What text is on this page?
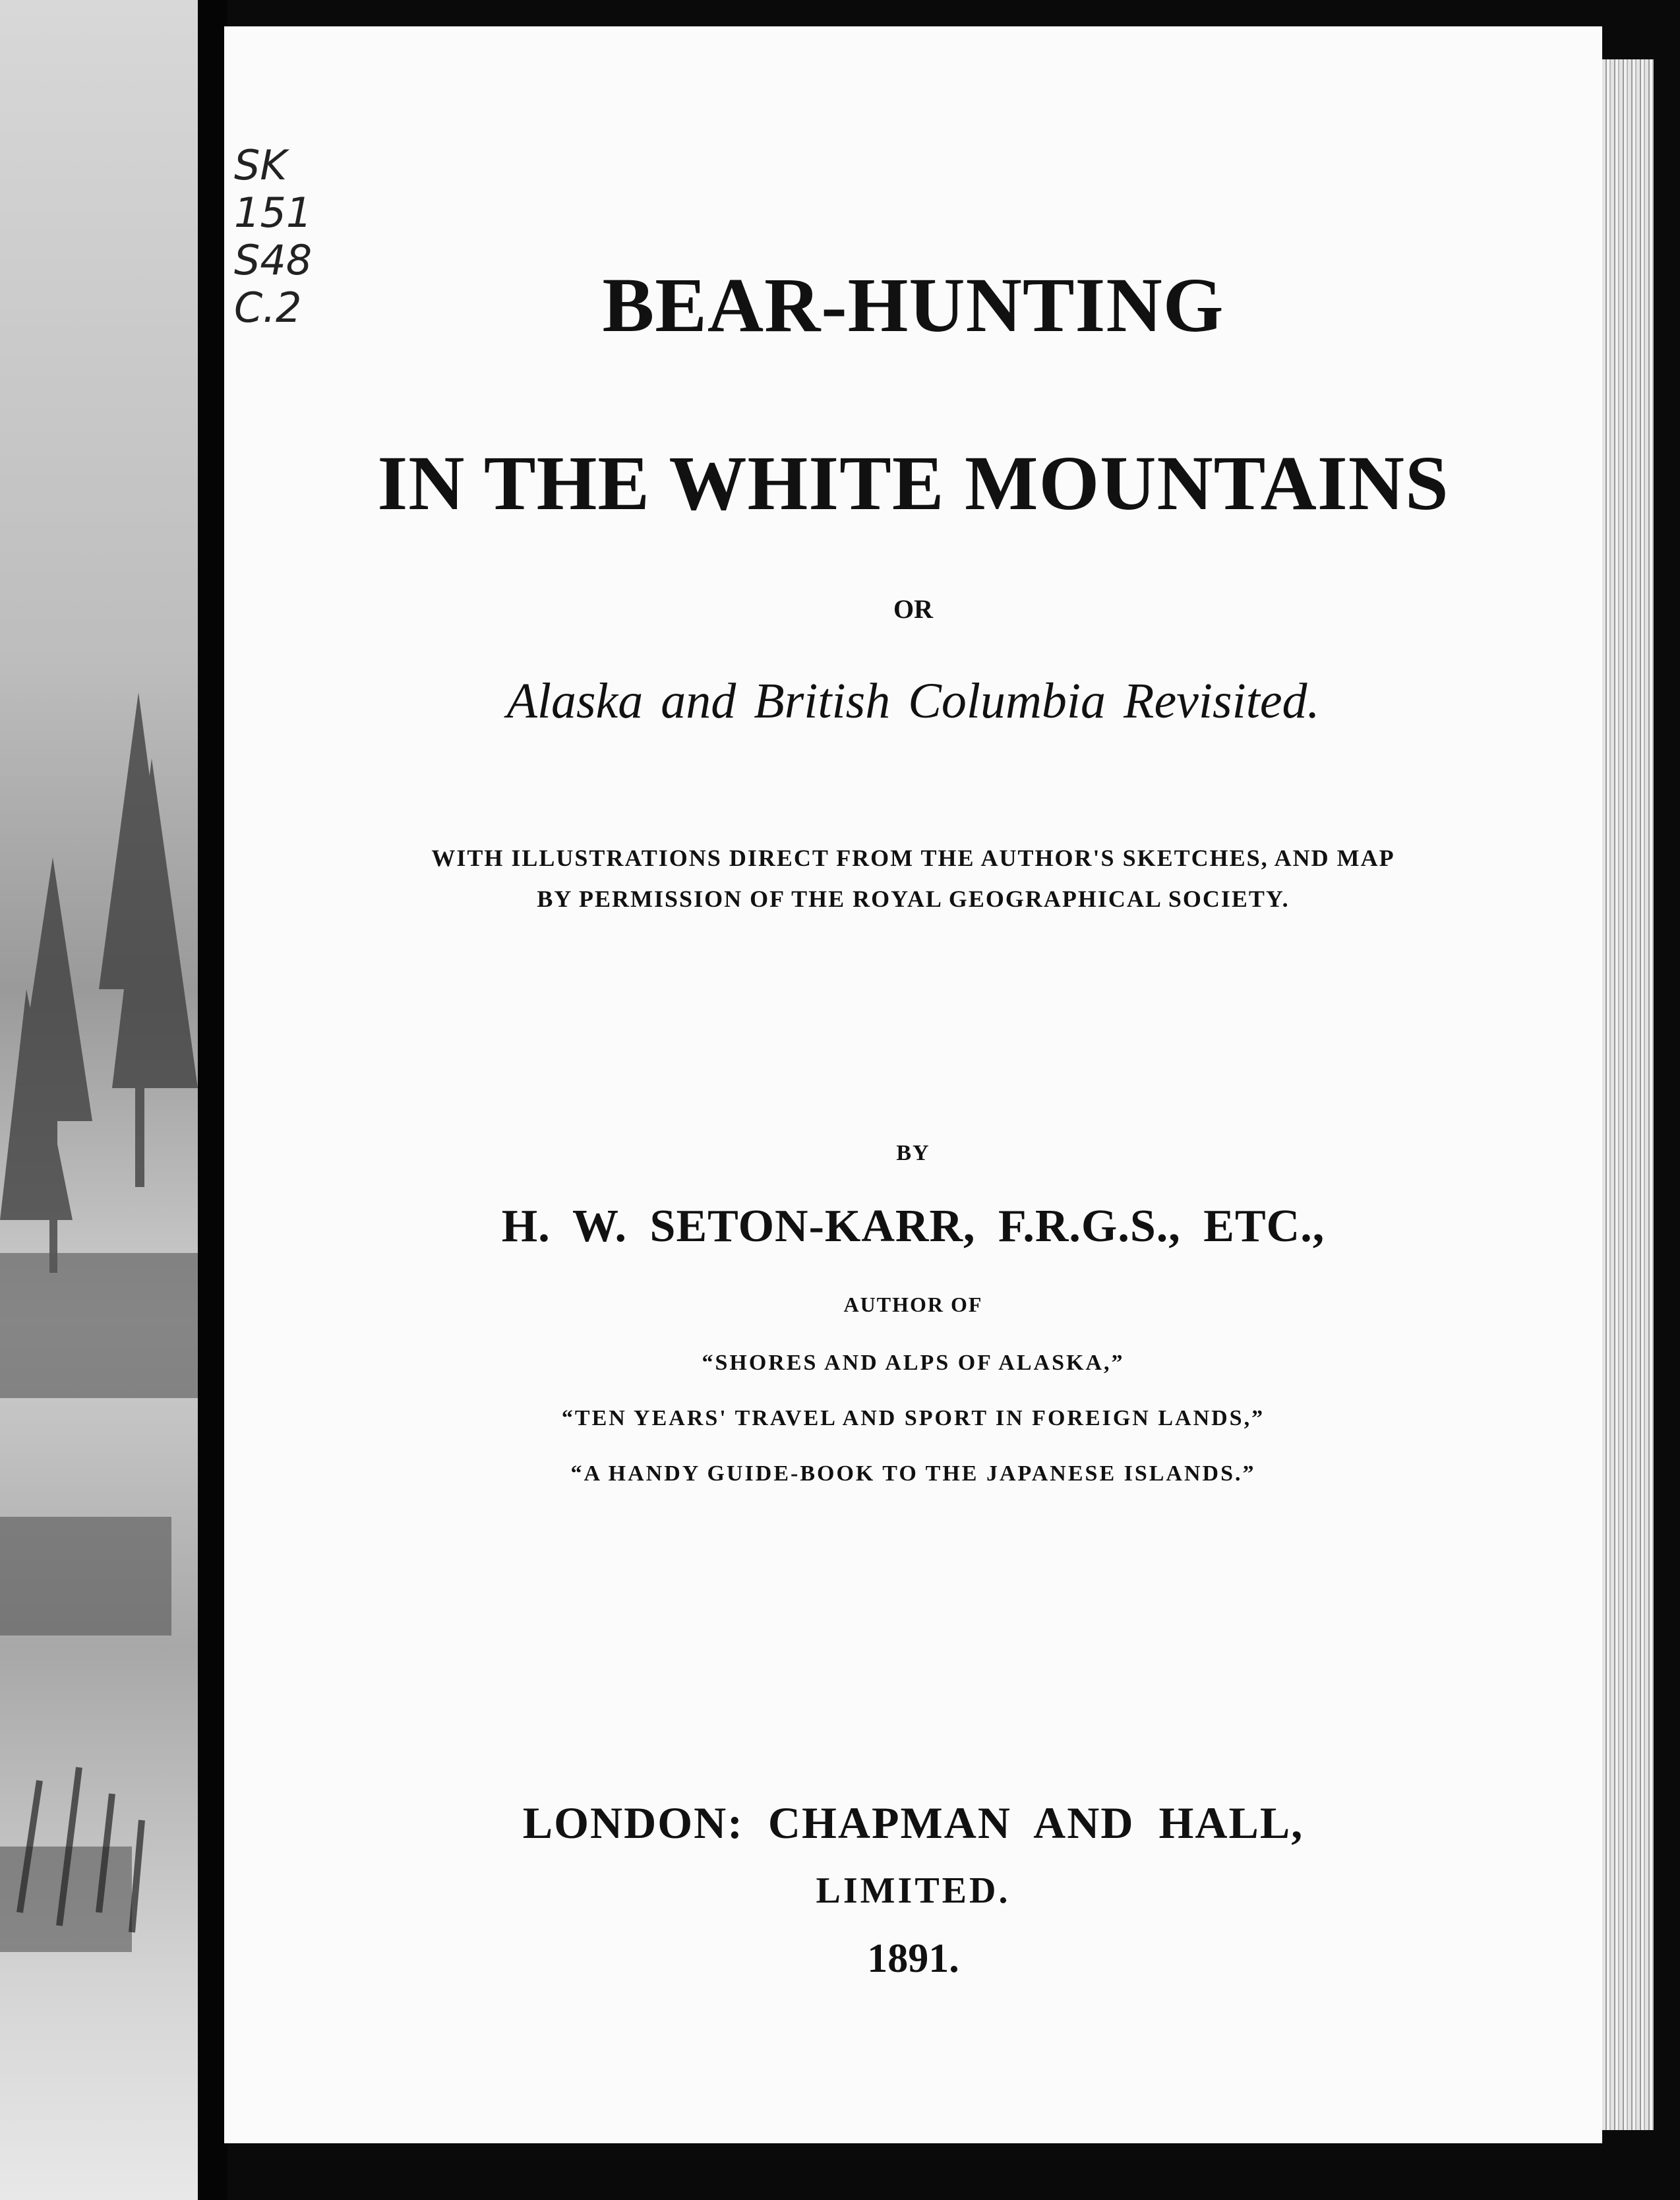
SK
151
S48
C.2	BEAR-HUNTING
IN THE WHITE MOUNTAINS
OR
Alaska and British Columbia Revisited.
WITH ILLUSTRATIONS DIRECT FROM THE AUTHOR'S SKETCHES, AND MAP
BY PERMISSION OF THE ROYAL GEOGRAPHICAL SOCIETY.
BY
H. W. SETON-KARR, F.R.G.S., ETC.,
AUTHOR OF
“SHORES AND ALPS OF ALASKA,”
“TEN YEARS' TRAVEL AND SPORT IN FOREIGN LANDS,”
“A HANDY GUIDE-BOOK TO THE JAPANESE ISLANDS.”
LONDON: CHAPMAN AND HALL,
LIMITED.
1891.
